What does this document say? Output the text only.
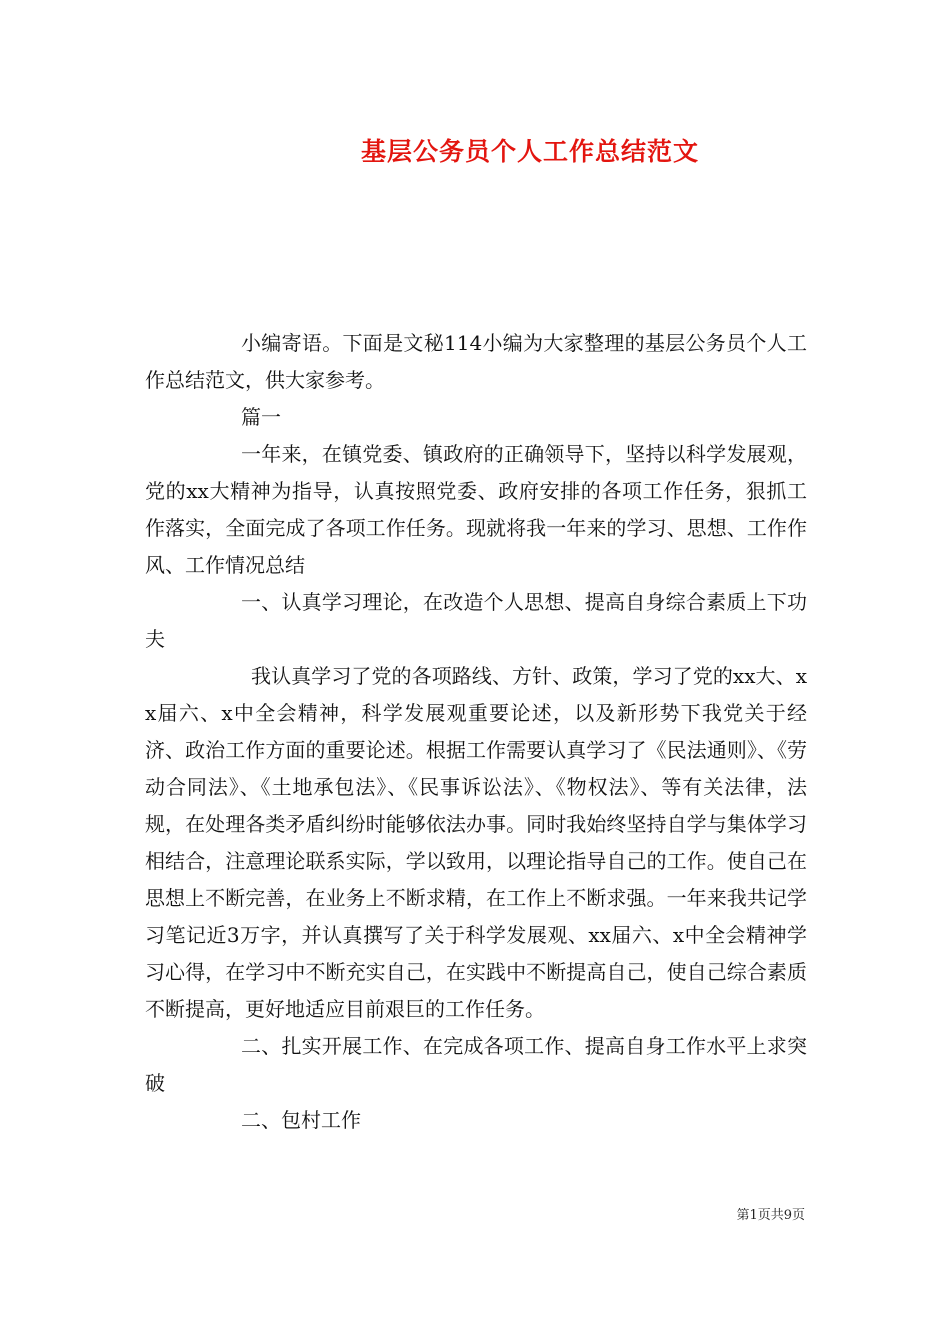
基层公务员个人工作总结范文

小编寄语。下面是文秘114小编为大家整理的基层公务员个人工作总结范文，供大家参考。

篇一

一年来，在镇党委、镇政府的正确领导下，坚持以科学发展观，党的xx大精神为指导，认真按照党委、政府安排的各项工作任务，狠抓工作落实，全面完成了各项工作任务。现就将我一年来的学习、思想、工作作风、工作情况总结

一、认真学习理论，在改造个人思想、提高自身综合素质上下功夫

我认真学习了党的各项路线、方针、政策，学习了党的xx大、xx届六、x中全会精神，科学发展观重要论述，以及新形势下我党关于经济、政治工作方面的重要论述。根据工作需要认真学习了《民法通则》、《劳动合同法》、《土地承包法》、《民事诉讼法》、《物权法》、等有关法律，法规，在处理各类矛盾纠纷时能够依法办事。同时我始终坚持自学与集体学习相结合，注意理论联系实际，学以致用，以理论指导自己的工作。使自己在思想上不断完善，在业务上不断求精，在工作上不断求强。一年来我共记学习笔记近3万字，并认真撰写了关于科学发展观、xx届六、x中全会精神学习心得，在学习中不断充实自己，在实践中不断提高自己，使自己综合素质不断提高，更好地适应目前艰巨的工作任务。

二、扎实开展工作、在完成各项工作、提高自身工作水平上求突破

二、包村工作

第1页共9页
